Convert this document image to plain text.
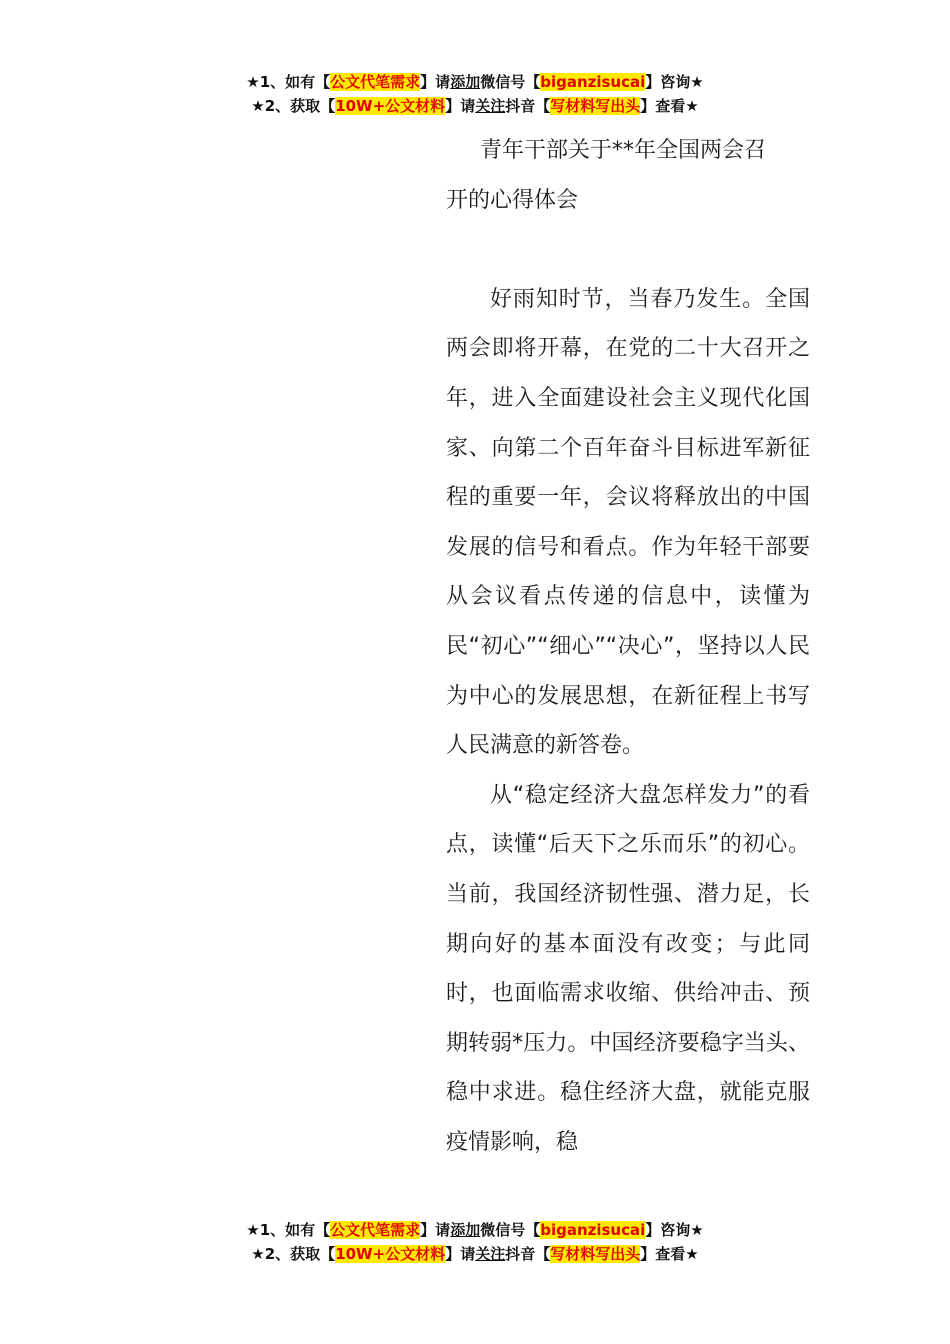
★1、如有【公文代笔需求】请添加微信号【biganzisucai】咨询★
★2、获取【10W+公文材料】请关注抖音【写材料写出头】查看★
青年干部关于**年全国两会召
开的心得体会

好雨知时节，当春乃发生。全国两会即将开幕，在党的二十大召开之年，进入全面建设社会主义现代化国家、向第二个百年奋斗目标进军新征程的重要一年，会议将释放出的中国发展的信号和看点。作为年轻干部要从会议看点传递的信息中，读懂为民“初心”“细心”“决心”，坚持以人民为中心的发展思想，在新征程上书写人民满意的新答卷。

从“稳定经济大盘怎样发力”的看点，读懂“后天下之乐而乐”的初心。当前，我国经济韧性强、潜力足，长期向好的基本面没有改变；与此同时，也面临需求收缩、供给冲击、预期转弱*压力。中国经济要稳字当头、稳中求进。稳住经济大盘，就能克服疫情影响，稳

★1、如有【公文代笔需求】请添加微信号【biganzisucai】咨询★
★2、获取【10W+公文材料】请关注抖音【写材料写出头】查看★
